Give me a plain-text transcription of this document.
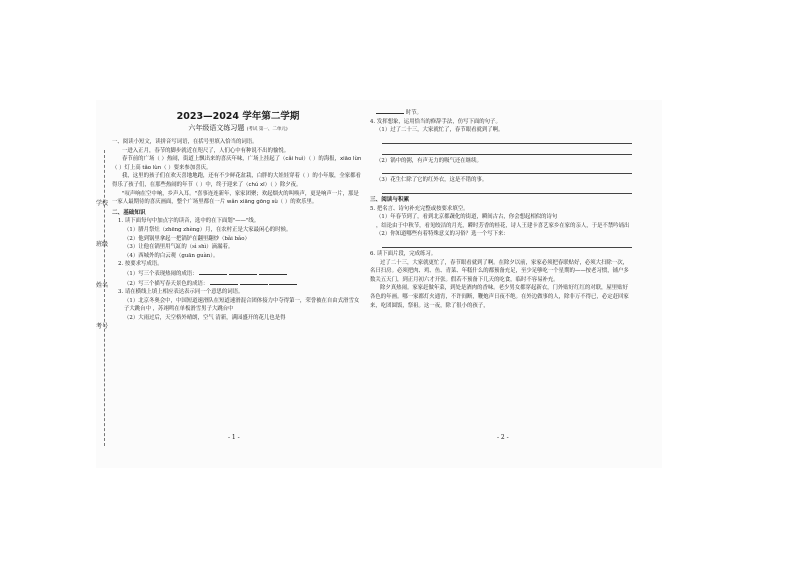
学校
班级
姓名
考号
2023—2024 学年第二学期
六年级语文练习题 (考试 第一、二单元)
一、阅读小短文，读拼音写词语，在括号里填入恰当的词语。
一进入正月，春节的脚步就近在咫尺了，人们心中有种说不出的愉悦。
春节前的广场（ ）热闹，街道上飘出来的喜庆年味，广场上挂起了（cǎi huì）（ ）的海报，xiāo lùn（ ）灯上高 tǎo lùn（ ）要来参加喜庆。
我，这里的孩子们在欢天喜地地跑，还有不少鲜花盆栽，白胖的大娃娃穿着（ ）的小年服，全家都看得乐了孩子们，在那些热闹的年节（ ）中，终于迎来了（chú xī）（ ）除夕夜。
"叹声响在空中响，乡声入耳。"喜事连连新年，家家团聚；欢起烟火的叫唤声，更是响声一片，那是一家人最期待的喜庆画面，整个广场里都在一片 wǎn xiāng gōng sù（ ）的欢乐里。
二、基础知识
1. 读下面每句中加点字的读音，选中的在下面划"——"线。
（1）腊月祭灶（zhēng zhèng）月，在农村正是大家最闲心的时候。
（2）他到锅里拿起一把锅铲在翻里翻炒（bǎi bǎo）
（3）让他在锅里用气缸的（sì shì）滴漏着。
（4）西城外的白云观（guān guàn）。
2. 按要求写成语。
（1）写三个表现热闹的成语：
（2）写三个描写春天景色的成语：
3. 请在横线上填上相应表达表示同一个意思的词语。
（1）北京冬奥会中，中国短道速滑队在短道速滑混合团体接力中夺得第一，荣誉被在自由式滑雪女子大跳台中 ，苏翊鸣在单板滑雪男子大跳台中
（2）大雨过后，天空格外晴朗，空气 清新，满园盛开的花儿也是得
- 1 -
时节。
4. 发挥想象，运用恰当的修辞手法，仿写下面的句子。
（1）过了二十三，大家就忙了，春节眼看就到了啊。
（2）锅中的粥，有声无力的吸气还在继续。
（3）花生仁除了它的红外衣，这是不错的事。
三、阅读与积累
5. 把名言、诗句补充完整或按要求填空。
（1）年春节到了，看到北京都蔬化的街道，瞬间古古，你会想起相似的诗句
，结论由于中秋节，看见皎洁的月光，瞬时芳香的桂花，诗人王建卡喜艺家乡在家的亲人，于是不禁吟诵出
（2）你知道哪些有着特殊意义的习俗？选一个写下来：
6. 读下面片段，完成练习。
过了二十三，大家就更忙了，春节眼看就到了啊。在除夕以前，家家必须把春联贴好，必须大扫除一次，名曰扫房。必须把肉、鸡、鱼、青菜、年糕什么的都预备充足，至少足够吃一个星期的——按老习惯，铺户多数关五天门，到正月初六才开张。假若不预备下几天的吃食，临时不容易补充。
除夕真热闹。家家赶做年菜，到处是酒肉的香味。老少男女都穿起新衣，门外贴好红红的对联，屋里贴好各色的年画。哪一家都灯火通宵，不许间断，鞭炮声日夜不绝。在外边做事的人，除非万不得已，必定赶回家来，吃团圆饭，祭祖。这一夜，除了很小的孩子，
- 2 -
